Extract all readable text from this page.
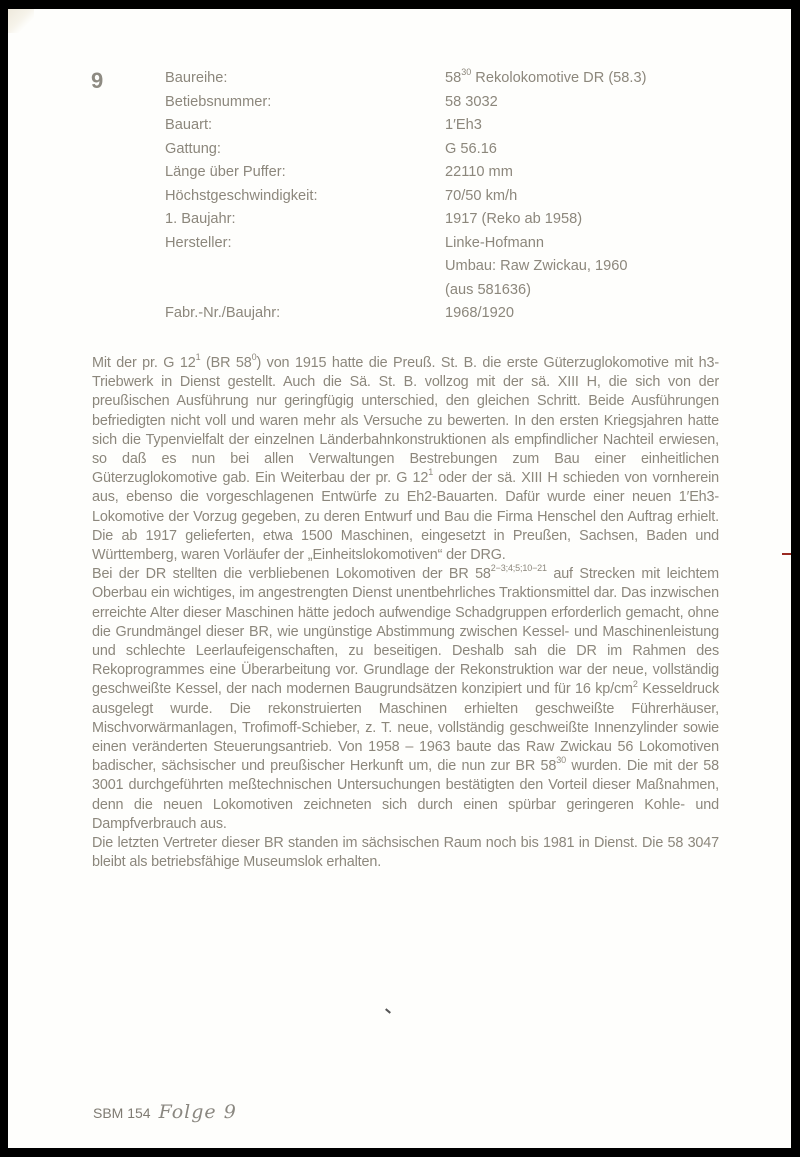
9	Baureihe:	$58^{30}$ Rekolokomotive DR (58.3)
Betiebsnummer:	58 3032
Bauart:	1′Eh3
Gattung:	G 56.16
Länge über Puffer:	22110 mm
Höchstgeschwindigkeit:	70/50 km/h
1. Baujahr:	1917 (Reko ab 1958)
Hersteller:	Linke-Hofmann
Umbau: Raw Zwickau, 1960
(aus 581636)
Fabr.-Nr./Baujahr:	1968/1920

Mit der pr. G $12^1$ (BR $58^0$) von 1915 hatte die Preuß. St. B. die erste Güterzuglokomotive mit h3-Triebwerk in Dienst gestellt. Auch die Sä. St. B. vollzog mit der sä. XIII H, die sich von der preußischen Ausführung nur geringfügig unterschied, den gleichen Schritt. Beide Ausführungen befriedigten nicht voll und waren mehr als Versuche zu bewerten. In den ersten Kriegsjahren hatte sich die Typenvielfalt der einzelnen Länderbahnkonstruktionen als empfindlicher Nachteil erwiesen, so daß es nun bei allen Verwaltungen Bestrebungen zum Bau einer einheitlichen Güterzuglokomotive gab. Ein Weiterbau der pr. G $12^1$ oder der sä. XIII H schieden von vornherein aus, ebenso die vorgeschlagenen Entwürfe zu Eh2-Bauarten. Dafür wurde einer neuen 1′Eh3-Lokomotive der Vorzug gegeben, zu deren Entwurf und Bau die Firma Henschel den Auftrag erhielt. Die ab 1917 gelieferten, etwa 1500 Maschinen, eingesetzt in Preußen, Sachsen, Baden und Württemberg, waren Vorläufer der „Einheitslokomotiven“ der DRG.

Bei der DR stellten die verbliebenen Lokomotiven der BR $58^{2-3;4;5;10-21}$ auf Strecken mit leichtem Oberbau ein wichtiges, im angestrengten Dienst unentbehrliches Traktionsmittel dar. Das inzwischen erreichte Alter dieser Maschinen hätte jedoch aufwendige Schadgruppen erforderlich gemacht, ohne die Grundmängel dieser BR, wie ungünstige Abstimmung zwischen Kessel- und Maschinenleistung und schlechte Leerlaufeigenschaften, zu beseitigen. Deshalb sah die DR im Rahmen des Rekoprogrammes eine Überarbeitung vor. Grundlage der Rekonstruktion war der neue, vollständig geschweißte Kessel, der nach modernen Baugrundsätzen konzipiert und für 16 $kp/cm^2$ Kesseldruck ausgelegt wurde. Die rekonstruierten Maschinen erhielten geschweißte Führerhäuser, Mischvorwärmanlagen, Trofimoff-Schieber, z. T. neue, vollständig geschweißte Innenzylinder sowie einen veränderten Steuerungsantrieb. Von 1958 – 1963 baute das Raw Zwickau 56 Lokomotiven badischer, sächsischer und preußischer Herkunft um, die nun zur BR $58^{30}$ wurden. Die mit der 58 3001 durchgeführten meßtechnischen Untersuchungen bestätigten den Vorteil dieser Maßnahmen, denn die neuen Lokomotiven zeichneten sich durch einen spürbar geringeren Kohle- und Dampfverbrauch aus.

Die letzten Vertreter dieser BR standen im sächsischen Raum noch bis 1981 in Dienst. Die 58 3047 bleibt als betriebsfähige Museumslok erhalten.

SBM 154 Folge 9
